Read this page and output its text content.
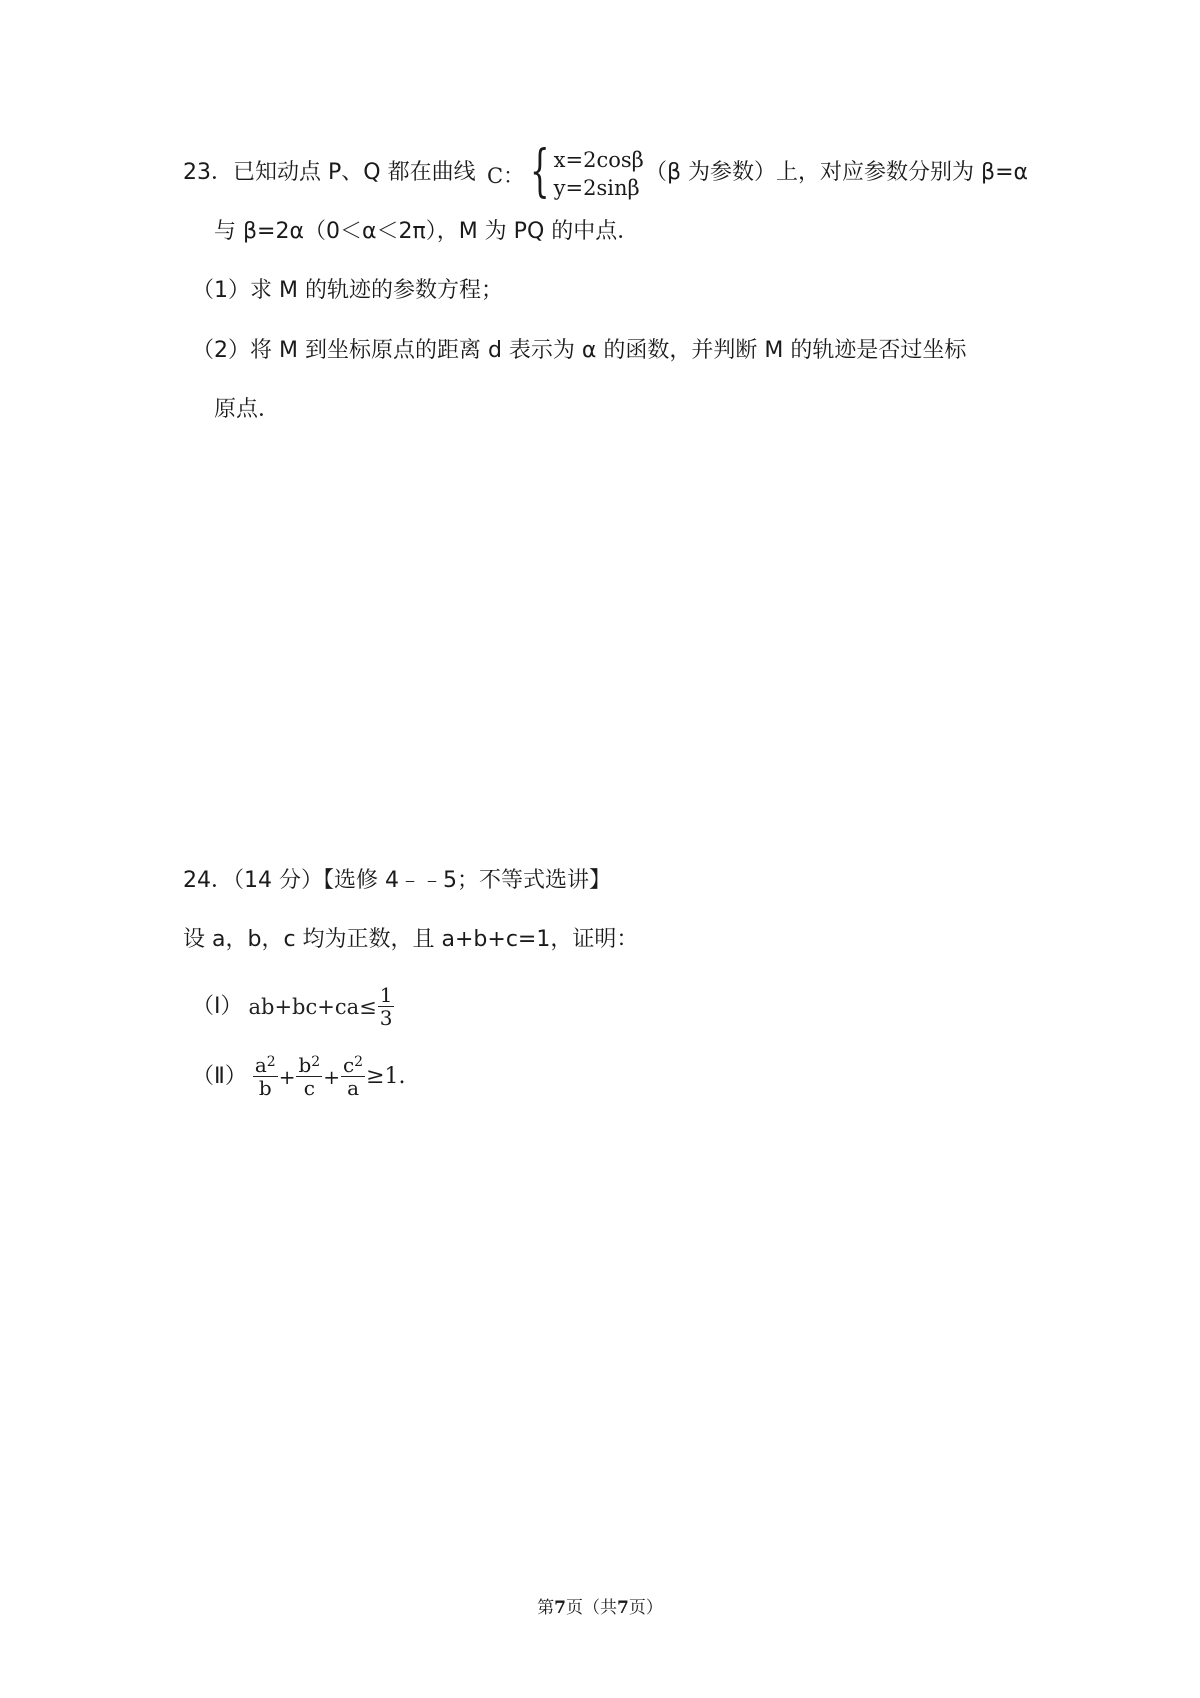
23．已知动点 P、Q 都在曲线 C： { x=2cosβ
y=2sinβ
（β 为参数）上，对应参数分别为 β=α
与 β=2α（0＜α＜2π），M 为 PQ 的中点．
（1）求 M 的轨迹的参数方程；
（2）将 M 到坐标原点的距离 d 表示为 α 的函数，并判断 M 的轨迹是否过坐标
原点．
24．（14 分）【选修 4﹣﹣5；不等式选讲】
设 a，b，c 均为正数，且 a+b+c=1，证明：
（Ⅰ） $ab+bc+ca\le \frac{1}{3}$
（Ⅱ） $\frac{a^2}{b} + \frac{b^2}{c} + \frac{c^2}{a} \ge 1$.
第7页（共7页）
